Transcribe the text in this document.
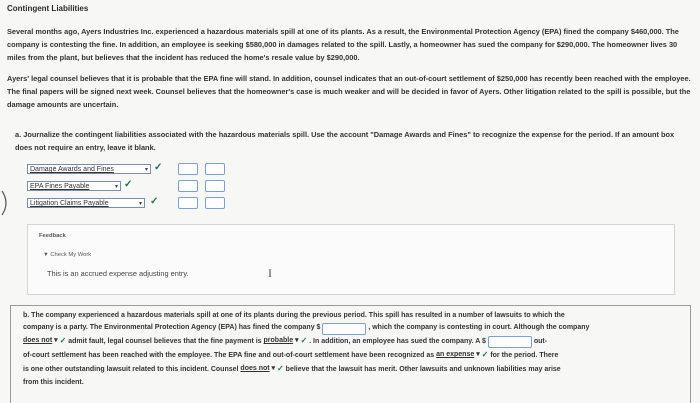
Contingent Liabilities
Several months ago, Ayers Industries Inc. experienced a hazardous materials spill at one of its plants. As a result, the Environmental Protection Agency (EPA) fined the company $460,000. The company is contesting the fine. In addition, an employee is seeking $580,000 in damages related to the spill. Lastly, a homeowner has sued the company for $290,000. The homeowner lives 30 miles from the plant, but believes that the incident has reduced the home's resale value by $290,000.
Ayers' legal counsel believes that it is probable that the EPA fine will stand. In addition, counsel indicates that an out-of-court settlement of $250,000 has recently been reached with the employee. The final papers will be signed next week. Counsel believes that the homeowner's case is much weaker and will be decided in favor of Ayers. Other litigation related to the spill is possible, but the damage amounts are uncertain.
a. Journalize the contingent liabilities associated with the hazardous materials spill. Use the account "Damage Awards and Fines" to recognize the expense for the period. If an amount box does not require an entry, leave it blank.
Damage Awards and Fines	▾ ✓
EPA Fines Payable	▾ ✓
Litigation Claims Payable	▾ ✓
Feedback
▼ Check My Work
This is an accrued expense adjusting entry.	I
b. The company experienced a hazardous materials spill at one of its plants during the previous period. This spill has resulted in a number of lawsuits to which the
company is a party. The Environmental Protection Agency (EPA) has fined the company $	, which the company is contesting in court. Although the company
does not ▾ ✓ admit fault, legal counsel believes that the fine payment is probable ▾ ✓ . In addition, an employee has sued the company. A $	out-
of-court settlement has been reached with the employee. The EPA fine and out-of-court settlement have been recognized as an expense ▾ ✓ for the period. There
is one other outstanding lawsuit related to this incident. Counsel does not ▾ ✓ believe that the lawsuit has merit. Other lawsuits and unknown liabilities may arise
from this incident.
